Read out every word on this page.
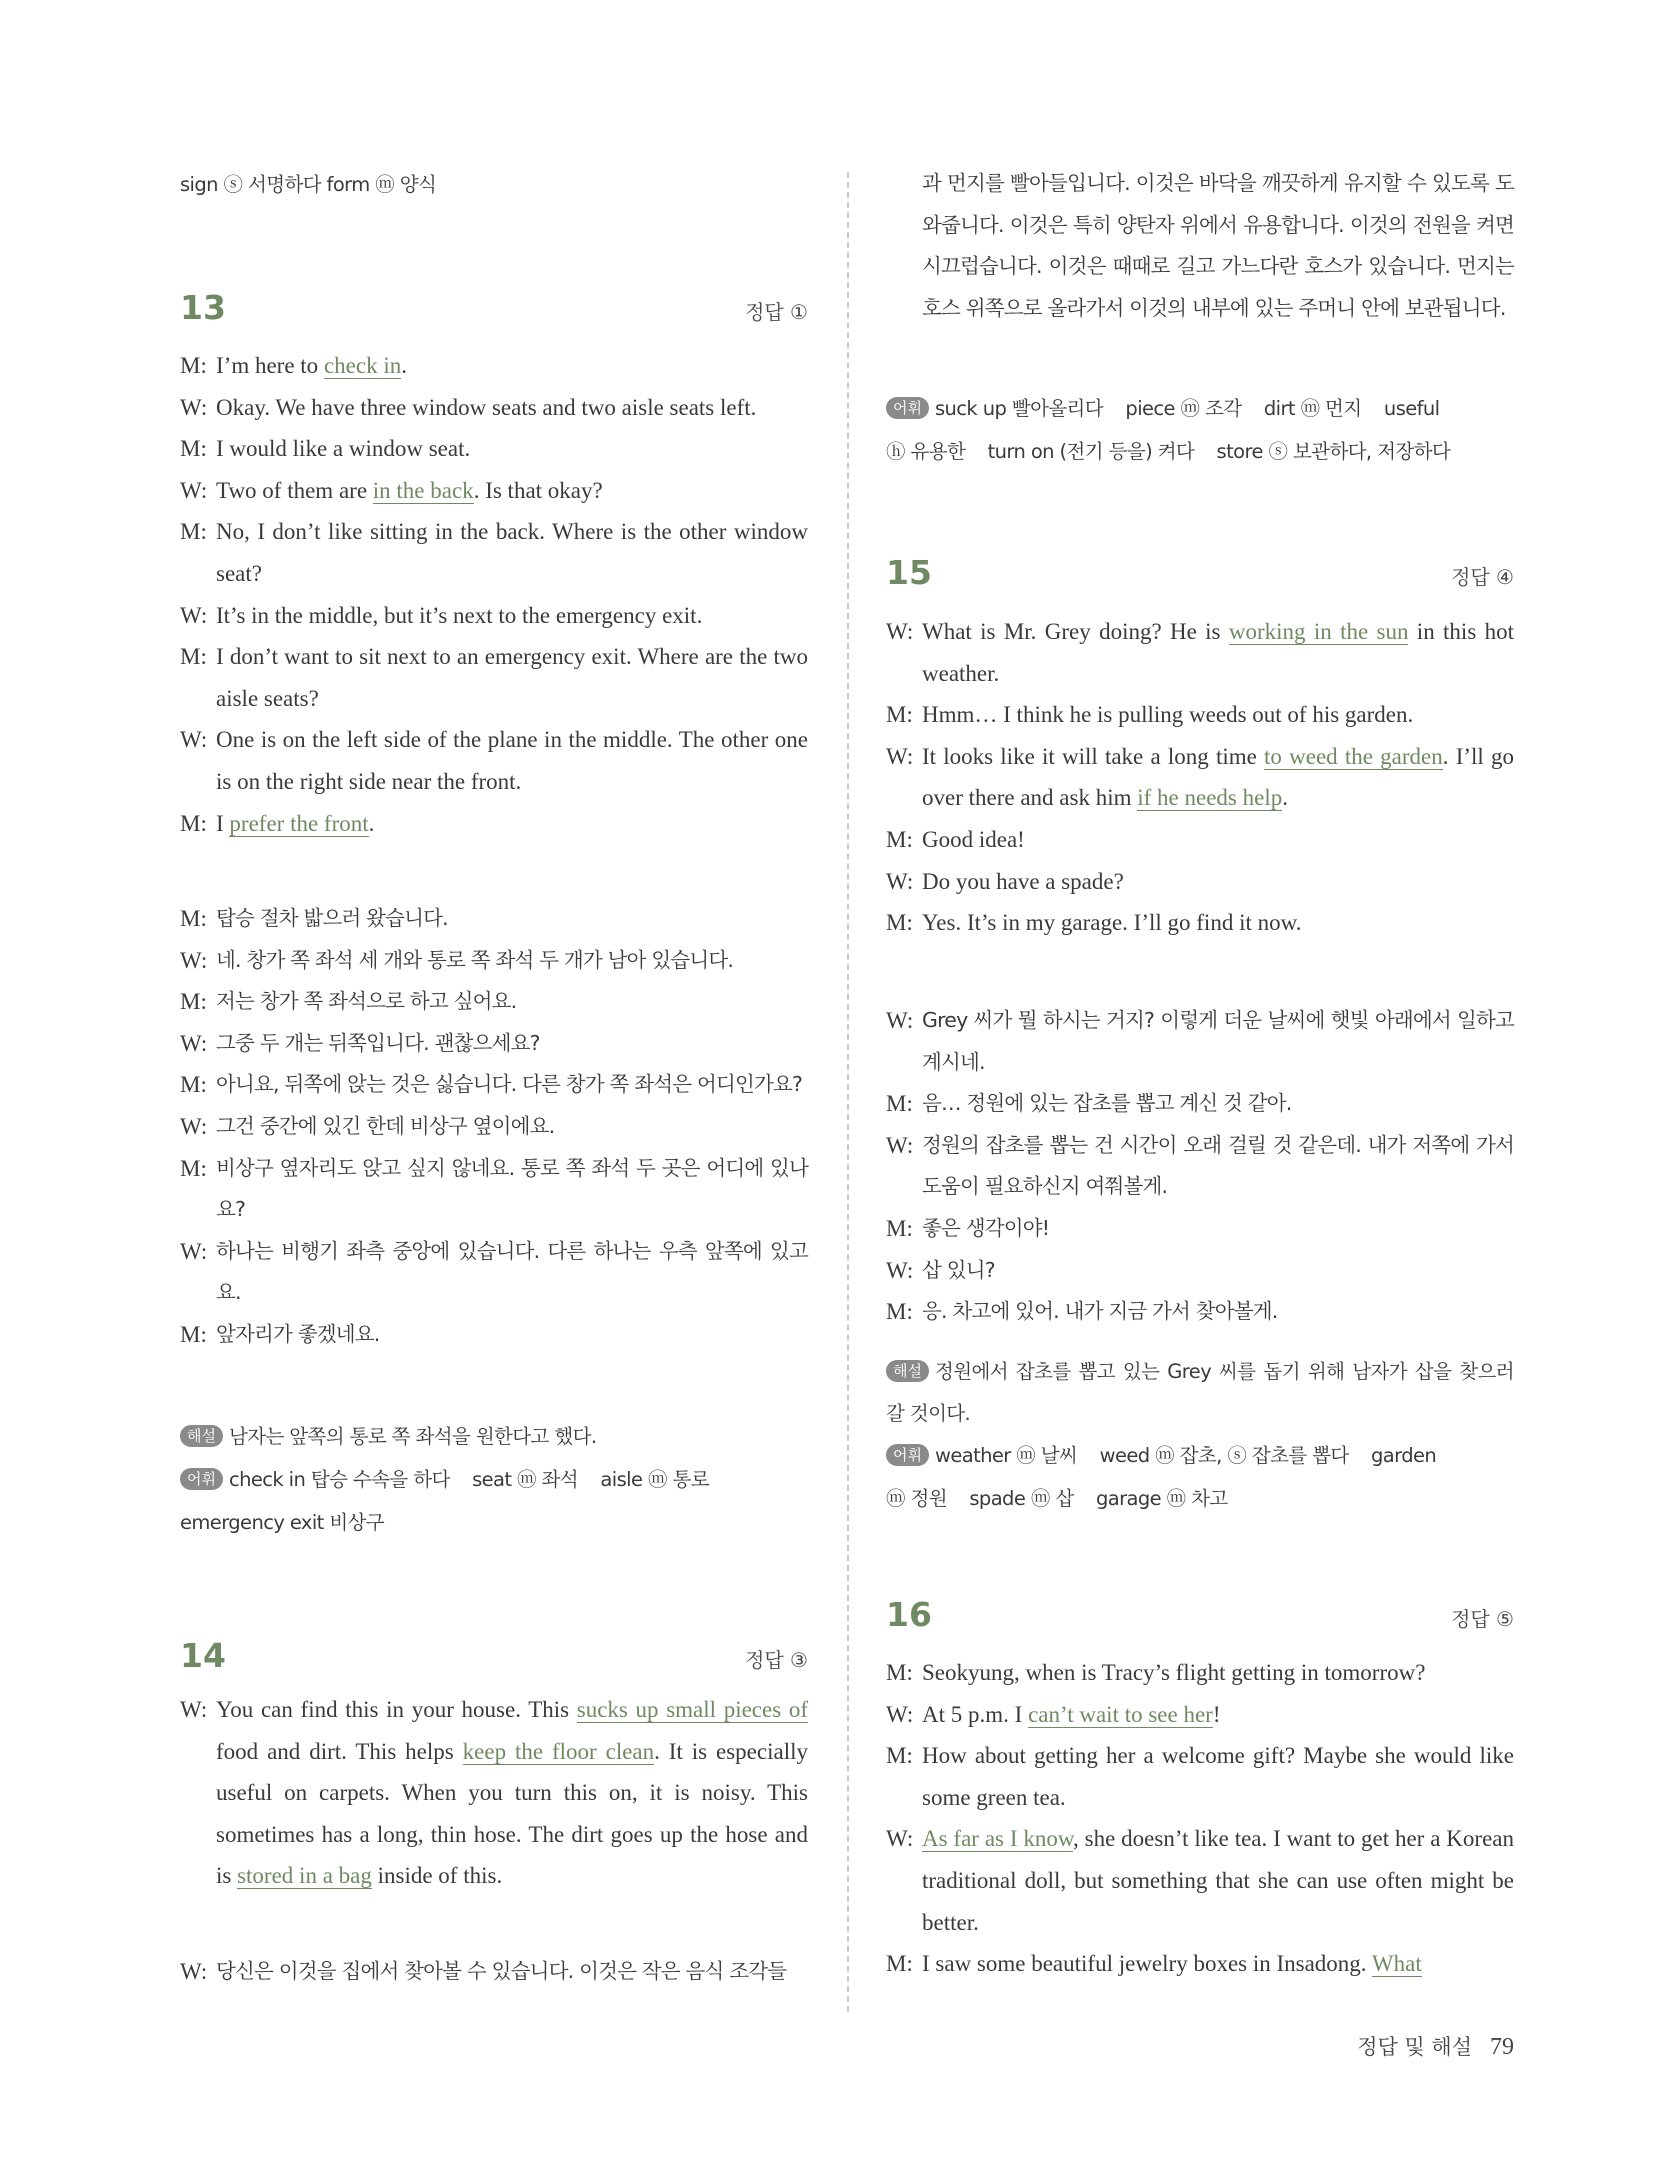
sign ⓢ 서명하다 form ⓜ 양식
13	정답 ①
M: I’m here to check in.
W: Okay. We have three window seats and two aisle seats left.
M: I would like a window seat.
W: Two of them are in the back. Is that okay?
M: No, I don’t like sitting in the back. Where is the other window seat?
W: It’s in the middle, but it’s next to the emergency exit.
M: I don’t want to sit next to an emergency exit. Where are the two aisle seats?
W: One is on the left side of the plane in the middle. The other one is on the right side near the front.
M: I prefer the front.
M: 탑승 절차 밟으러 왔습니다.
W: 네. 창가 쪽 좌석 세 개와 통로 쪽 좌석 두 개가 남아 있습니다.
M: 저는 창가 쪽 좌석으로 하고 싶어요.
W: 그중 두 개는 뒤쪽입니다. 괜찮으세요?
M: 아니요, 뒤쪽에 앉는 것은 싫습니다. 다른 창가 쪽 좌석은 어디인가요?
W: 그건 중간에 있긴 한데 비상구 옆이에요.
M: 비상구 옆자리도 앉고 싶지 않네요. 통로 쪽 좌석 두 곳은 어디에 있나요?
W: 하나는 비행기 좌측 중앙에 있습니다. 다른 하나는 우측 앞쪽에 있고요.
M: 앞자리가 좋겠네요.
해설 남자는 앞쪽의 통로 쪽 좌석을 원한다고 했다.
어휘 check in 탑승 수속을 하다    seat ⓜ 좌석    aisle ⓜ 통로
emergency exit 비상구
14	정답 ③
W: You can find this in your house. This sucks up small pieces of food and dirt. This helps keep the floor clean. It is especially useful on carpets. When you turn this on, it is noisy. This sometimes has a long, thin hose. The dirt goes up the hose and is stored in a bag inside of this.
W: 당신은 이것을 집에서 찾아볼 수 있습니다. 이것은 작은 음식 조각들
과 먼지를 빨아들입니다. 이것은 바닥을 깨끗하게 유지할 수 있도록 도와줍니다. 이것은 특히 양탄자 위에서 유용합니다. 이것의 전원을 켜면 시끄럽습니다. 이것은 때때로 길고 가느다란 호스가 있습니다. 먼지는 호스 위쪽으로 올라가서 이것의 내부에 있는 주머니 안에 보관됩니다.
어휘 suck up 빨아올리다    piece ⓜ 조각    dirt ⓜ 먼지    useful
ⓗ 유용한    turn on (전기 등을) 켜다    store ⓢ 보관하다, 저장하다
15	정답 ④
W: What is Mr. Grey doing? He is working in the sun in this hot weather.
M: Hmm… I think he is pulling weeds out of his garden.
W: It looks like it will take a long time to weed the garden. I’ll go over there and ask him if he needs help.
M: Good idea!
W: Do you have a spade?
M: Yes. It’s in my garage. I’ll go find it now.
W: Grey 씨가 뭘 하시는 거지? 이렇게 더운 날씨에 햇빛 아래에서 일하고 계시네.
M: 음… 정원에 있는 잡초를 뽑고 계신 것 같아.
W: 정원의 잡초를 뽑는 건 시간이 오래 걸릴 것 같은데. 내가 저쪽에 가서 도움이 필요하신지 여쭤볼게.
M: 좋은 생각이야!
W: 삽 있니?
M: 응. 차고에 있어. 내가 지금 가서 찾아볼게.
해설 정원에서 잡초를 뽑고 있는 Grey 씨를 돕기 위해 남자가 삽을 찾으러 갈 것이다.
어휘 weather ⓜ 날씨    weed ⓜ 잡초, ⓢ 잡초를 뽑다    garden
ⓜ 정원    spade ⓜ 삽    garage ⓜ 차고
16	정답 ⑤
M: Seokyung, when is Tracy’s flight getting in tomorrow?
W: At 5 p.m. I can’t wait to see her!
M: How about getting her a welcome gift? Maybe she would like some green tea.
W: As far as I know, she doesn’t like tea. I want to get her a Korean traditional doll, but something that she can use often might be better.
M: I saw some beautiful jewelry boxes in Insadong. What
정답 및 해설 79
